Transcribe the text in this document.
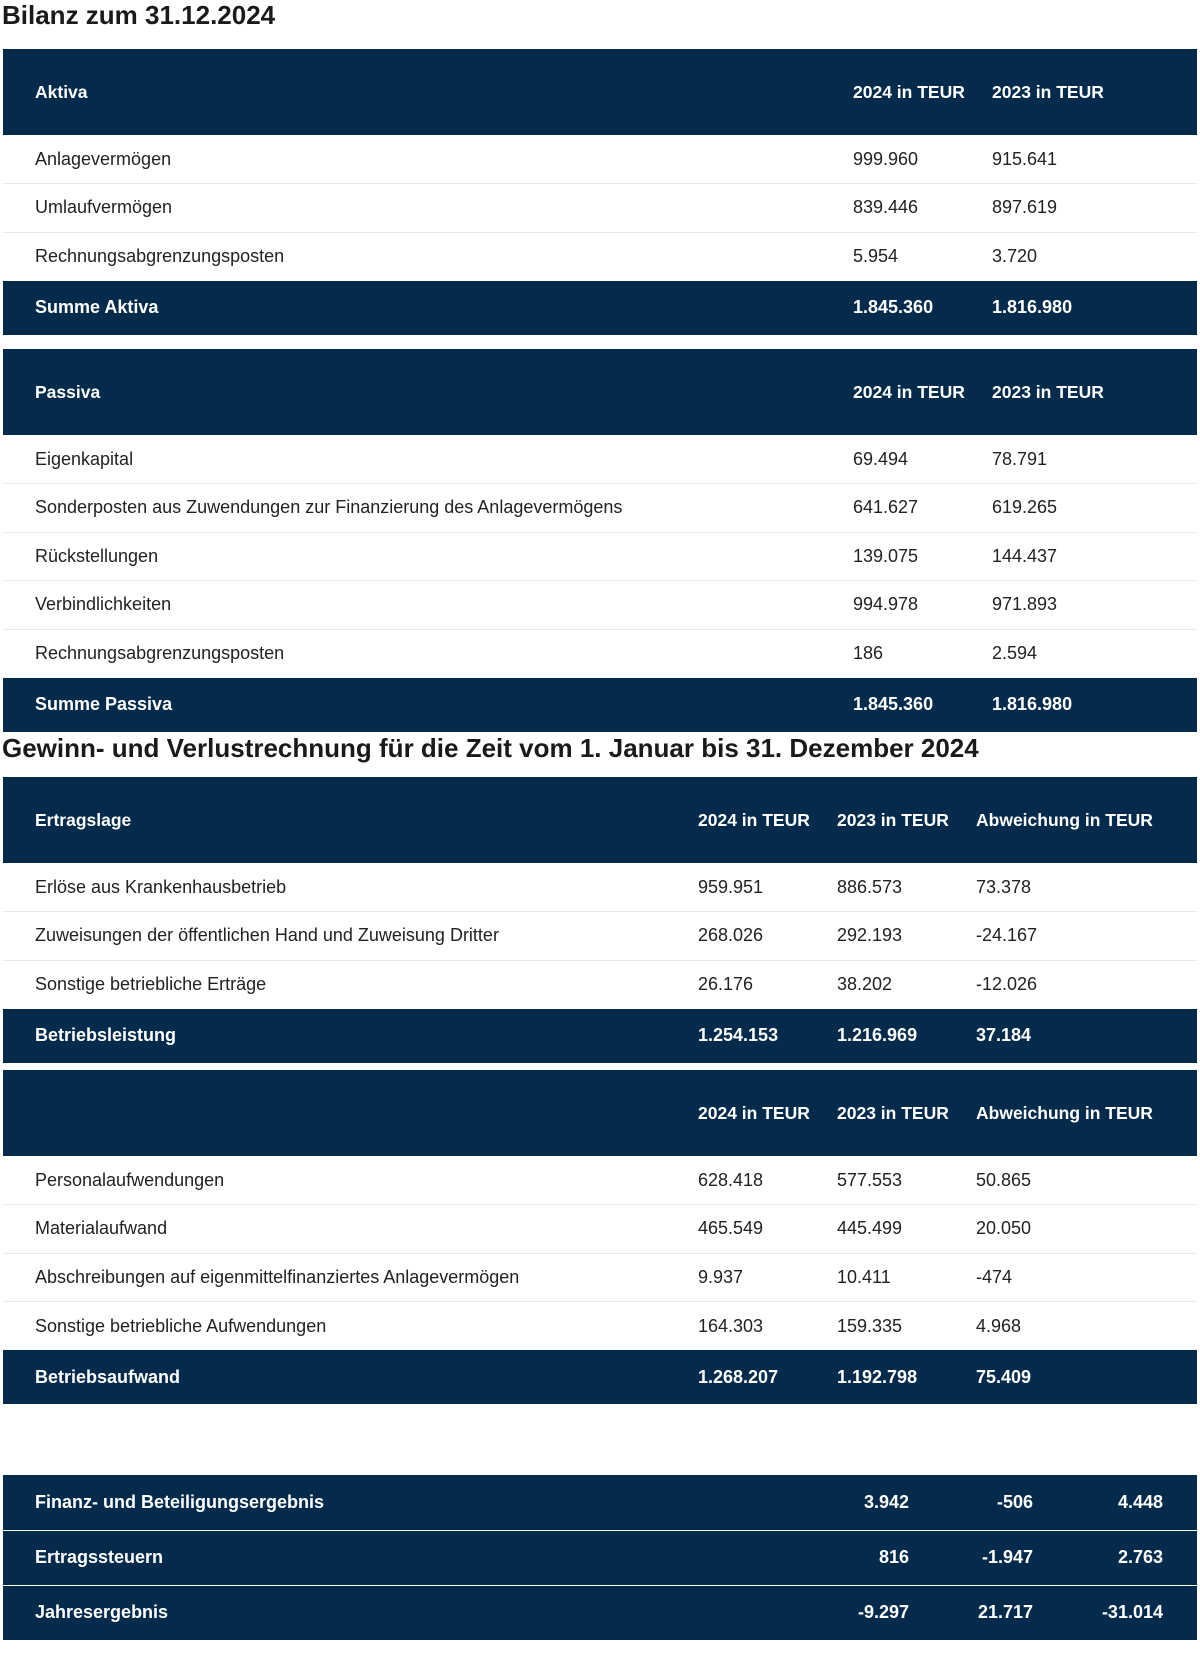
Bilanz zum 31.12.2024
Aktiva	2024 in TEUR	2023 in TEUR
Anlagevermögen	999.960	915.641
Umlaufvermögen	839.446	897.619
Rechnungsabgrenzungsposten	5.954	3.720
Summe Aktiva	1.845.360	1.816.980
Passiva	2024 in TEUR	2023 in TEUR
Eigenkapital	69.494	78.791
Sonderposten aus Zuwendungen zur Finanzierung des Anlagevermögens	641.627	619.265
Rückstellungen	139.075	144.437
Verbindlichkeiten	994.978	971.893
Rechnungsabgrenzungsposten	186	2.594
Summe Passiva	1.845.360	1.816.980
Gewinn- und Verlustrechnung für die Zeit vom 1. Januar bis 31. Dezember 2024
Ertragslage	2024 in TEUR	2023 in TEUR	Abweichung in TEUR
Erlöse aus Krankenhausbetrieb	959.951	886.573	73.378
Zuweisungen der öffentlichen Hand und Zuweisung Dritter	268.026	292.193	-24.167
Sonstige betriebliche Erträge	26.176	38.202	-12.026
Betriebsleistung	1.254.153	1.216.969	37.184
	2024 in TEUR	2023 in TEUR	Abweichung in TEUR
Personalaufwendungen	628.418	577.553	50.865
Materialaufwand	465.549	445.499	20.050
Abschreibungen auf eigenmittelfinanziertes Anlagevermögen	9.937	10.411	-474
Sonstige betriebliche Aufwendungen	164.303	159.335	4.968
Betriebsaufwand	1.268.207	1.192.798	75.409
Finanz- und Beteiligungsergebnis	3.942	-506	4.448	
Ertragssteuern	816	-1.947	2.763	
Jahresergebnis	-9.297	21.717	-31.014	
